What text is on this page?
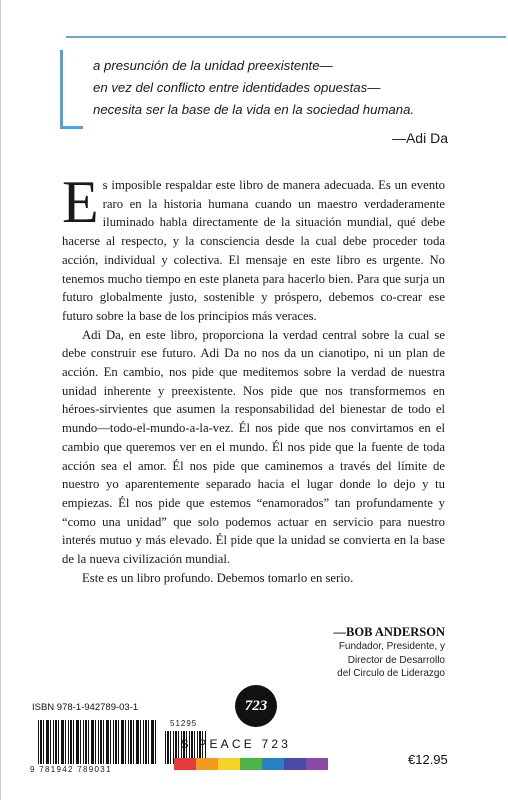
a presunción de la unidad preexistente—
en vez del conflicto entre identidades opuestas—
necesita ser la base de la vida en la sociedad humana.
—Adi Da

Es imposible respaldar este libro de manera adecuada. Es un evento raro en la historia humana cuando un maestro verdaderamente iluminado habla directamente de la situación mundial, qué debe hacerse al respecto, y la consciencia desde la cual debe proceder toda acción, individual y colectiva. El mensaje en este libro es urgente. No tenemos mucho tiempo en este planeta para hacerlo bien. Para que surja un futuro globalmente justo, sostenible y próspero, debemos co-crear ese futuro sobre la base de los principios más veraces.

Adi Da, en este libro, proporciona la verdad central sobre la cual se debe construir ese futuro. Adi Da no nos da un cianotipo, ni un plan de acción. En cambio, nos pide que meditemos sobre la verdad de nuestra unidad inherente y preexistente. Nos pide que nos transformemos en héroes-sirvientes que asumen la responsabilidad del bienestar de todo el mundo—todo-el-mundo-a-la-vez. Él nos pide que nos convirtamos en el cambio que queremos ver en el mundo. Él nos pide que la fuente de toda acción sea el amor. Él nos pide que caminemos a través del límite de nuestro yo aparentemente separado hacia el lugar donde lo dejo y tu empiezas. Él nos pide que estemos “enamorados” tan profundamente y “como una unidad” que solo podemos actuar en servicio para nuestro interés mutuo y más elevado. Él pide que la unidad se convierta en la base de la nueva civilización mundial.

Este es un libro profundo. Debemos tomarlo en serio.

—BOB ANDERSON
Fundador, Presidente, y
Director de Desarrollo
del Circulo de Liderazgo
ISBN 978-1-942789-03-1
51295
9 781942 789031
723
IS PEACE 723
€12.95
